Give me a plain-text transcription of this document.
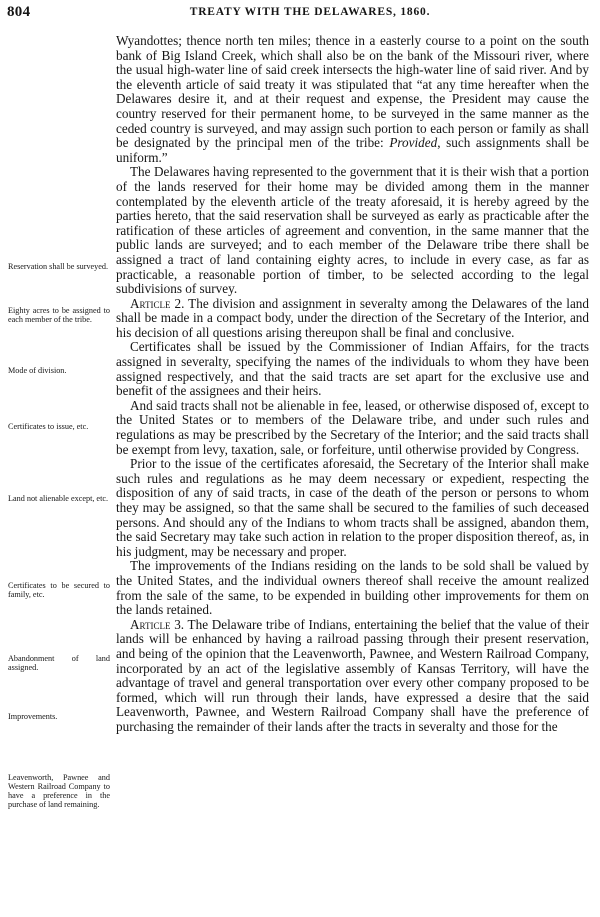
804	TREATY WITH THE DELAWARES, 1860.
Reservation shall be surveyed.
Eighty acres to be assigned to each member of the tribe.
Mode of division.
Certificates to issue, etc.
Land not alienable except, etc.
Certificates to be secured to family, etc.
Abandonment of land assigned.
Improvements.
Leavenworth, Pawnee and Western Railroad Company to have a preference in the purchase of land remaining.

Wyandottes; thence north ten miles; thence in a easterly course to a point on the south bank of Big Island Creek, which shall also be on the bank of the Missouri river, where the usual high-water line of said creek intersects the high-water line of said river. And by the eleventh article of said treaty it was stipulated that “at any time hereafter when the Delawares desire it, and at their request and expense, the President may cause the country reserved for their permanent home, to be surveyed in the same manner as the ceded country is surveyed, and may assign such portion to each person or family as shall be designated by the principal men of the tribe: Provided, such assignments shall be uniform.”

The Delawares having represented to the government that it is their wish that a portion of the lands reserved for their home may be divided among them in the manner contemplated by the eleventh article of the treaty aforesaid, it is hereby agreed by the parties hereto, that the said reservation shall be surveyed as early as practicable after the ratification of these articles of agreement and convention, in the same manner that the public lands are surveyed; and to each member of the Delaware tribe there shall be assigned a tract of land containing eighty acres, to include in every case, as far as practicable, a reasonable portion of timber, to be selected according to the legal subdivisions of survey.

Article 2. The division and assignment in severalty among the Delawares of the land shall be made in a compact body, under the direction of the Secretary of the Interior, and his decision of all questions arising thereupon shall be final and conclusive.

Certificates shall be issued by the Commissioner of Indian Affairs, for the tracts assigned in severalty, specifying the names of the individuals to whom they have been assigned respectively, and that the said tracts are set apart for the exclusive use and benefit of the assignees and their heirs.

And said tracts shall not be alienable in fee, leased, or otherwise disposed of, except to the United States or to members of the Delaware tribe, and under such rules and regulations as may be prescribed by the Secretary of the Interior; and the said tracts shall be exempt from levy, taxation, sale, or forfeiture, until otherwise provided by Congress.

Prior to the issue of the certificates aforesaid, the Secretary of the Interior shall make such rules and regulations as he may deem necessary or expedient, respecting the disposition of any of said tracts, in case of the death of the person or persons to whom they may be assigned, so that the same shall be secured to the families of such deceased persons. And should any of the Indians to whom tracts shall be assigned, abandon them, the said Secretary may take such action in relation to the proper disposition thereof, as, in his judgment, may be necessary and proper.

The improvements of the Indians residing on the lands to be sold shall be valued by the United States, and the individual owners thereof shall receive the amount realized from the sale of the same, to be expended in building other improvements for them on the lands retained.

Article 3. The Delaware tribe of Indians, entertaining the belief that the value of their lands will be enhanced by having a railroad passing through their present reservation, and being of the opinion that the Leavenworth, Pawnee, and Western Railroad Company, incorporated by an act of the legislative assembly of Kansas Territory, will have the advantage of travel and general transportation over every other company proposed to be formed, which will run through their lands, have expressed a desire that the said Leavenworth, Pawnee, and Western Railroad Company shall have the preference of purchasing the remainder of their lands after the tracts in severalty and those for the
